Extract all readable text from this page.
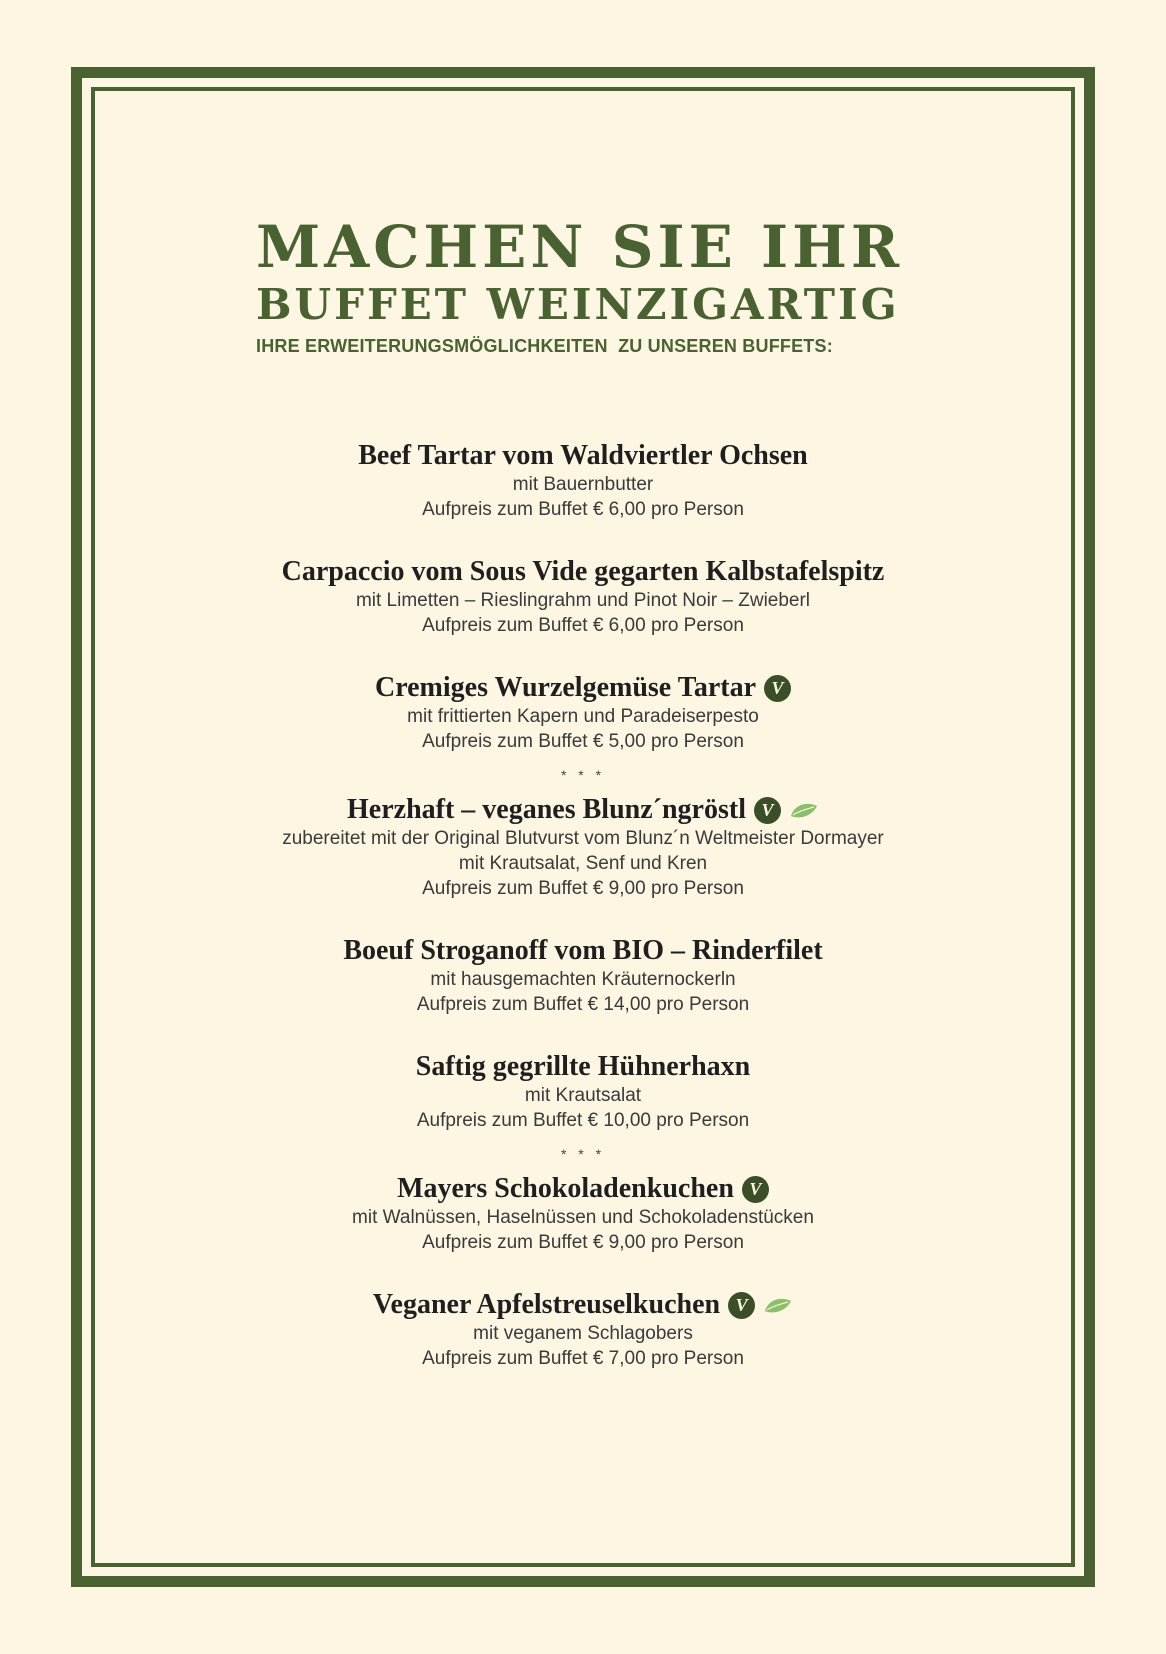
MACHEN SIE IHR
BUFFET WEINZIGARTIG
IHRE ERWEITERUNGSMÖGLICHKEITEN  ZU UNSEREN BUFFETS:
Beef Tartar vom Waldviertler Ochsen
mit Bauernbutter
Aufpreis zum Buffet € 6,00 pro Person
Carpaccio vom Sous Vide gegarten Kalbstafelspitz
mit Limetten – Rieslingrahm und Pinot Noir – Zwieberl
Aufpreis zum Buffet € 6,00 pro Person
Cremiges Wurzelgemüse Tartar V
mit frittierten Kapern und Paradeiserpesto
Aufpreis zum Buffet € 5,00 pro Person
* * *
Herzhaft – veganes Blunz´ngröstl V
zubereitet mit der Original Blutvurst vom Blunz´n Weltmeister Dormayer
mit Krautsalat, Senf und Kren
Aufpreis zum Buffet € 9,00 pro Person
Boeuf Stroganoff vom BIO – Rinderfilet
mit hausgemachten Kräuternockerln
Aufpreis zum Buffet € 14,00 pro Person
Saftig gegrillte Hühnerhaxn
mit Krautsalat
Aufpreis zum Buffet € 10,00 pro Person
* * *
Mayers Schokoladenkuchen V
mit Walnüssen, Haselnüssen und Schokoladenstücken
Aufpreis zum Buffet € 9,00 pro Person
Veganer Apfelstreuselkuchen V
mit veganem Schlagobers
Aufpreis zum Buffet € 7,00 pro Person
